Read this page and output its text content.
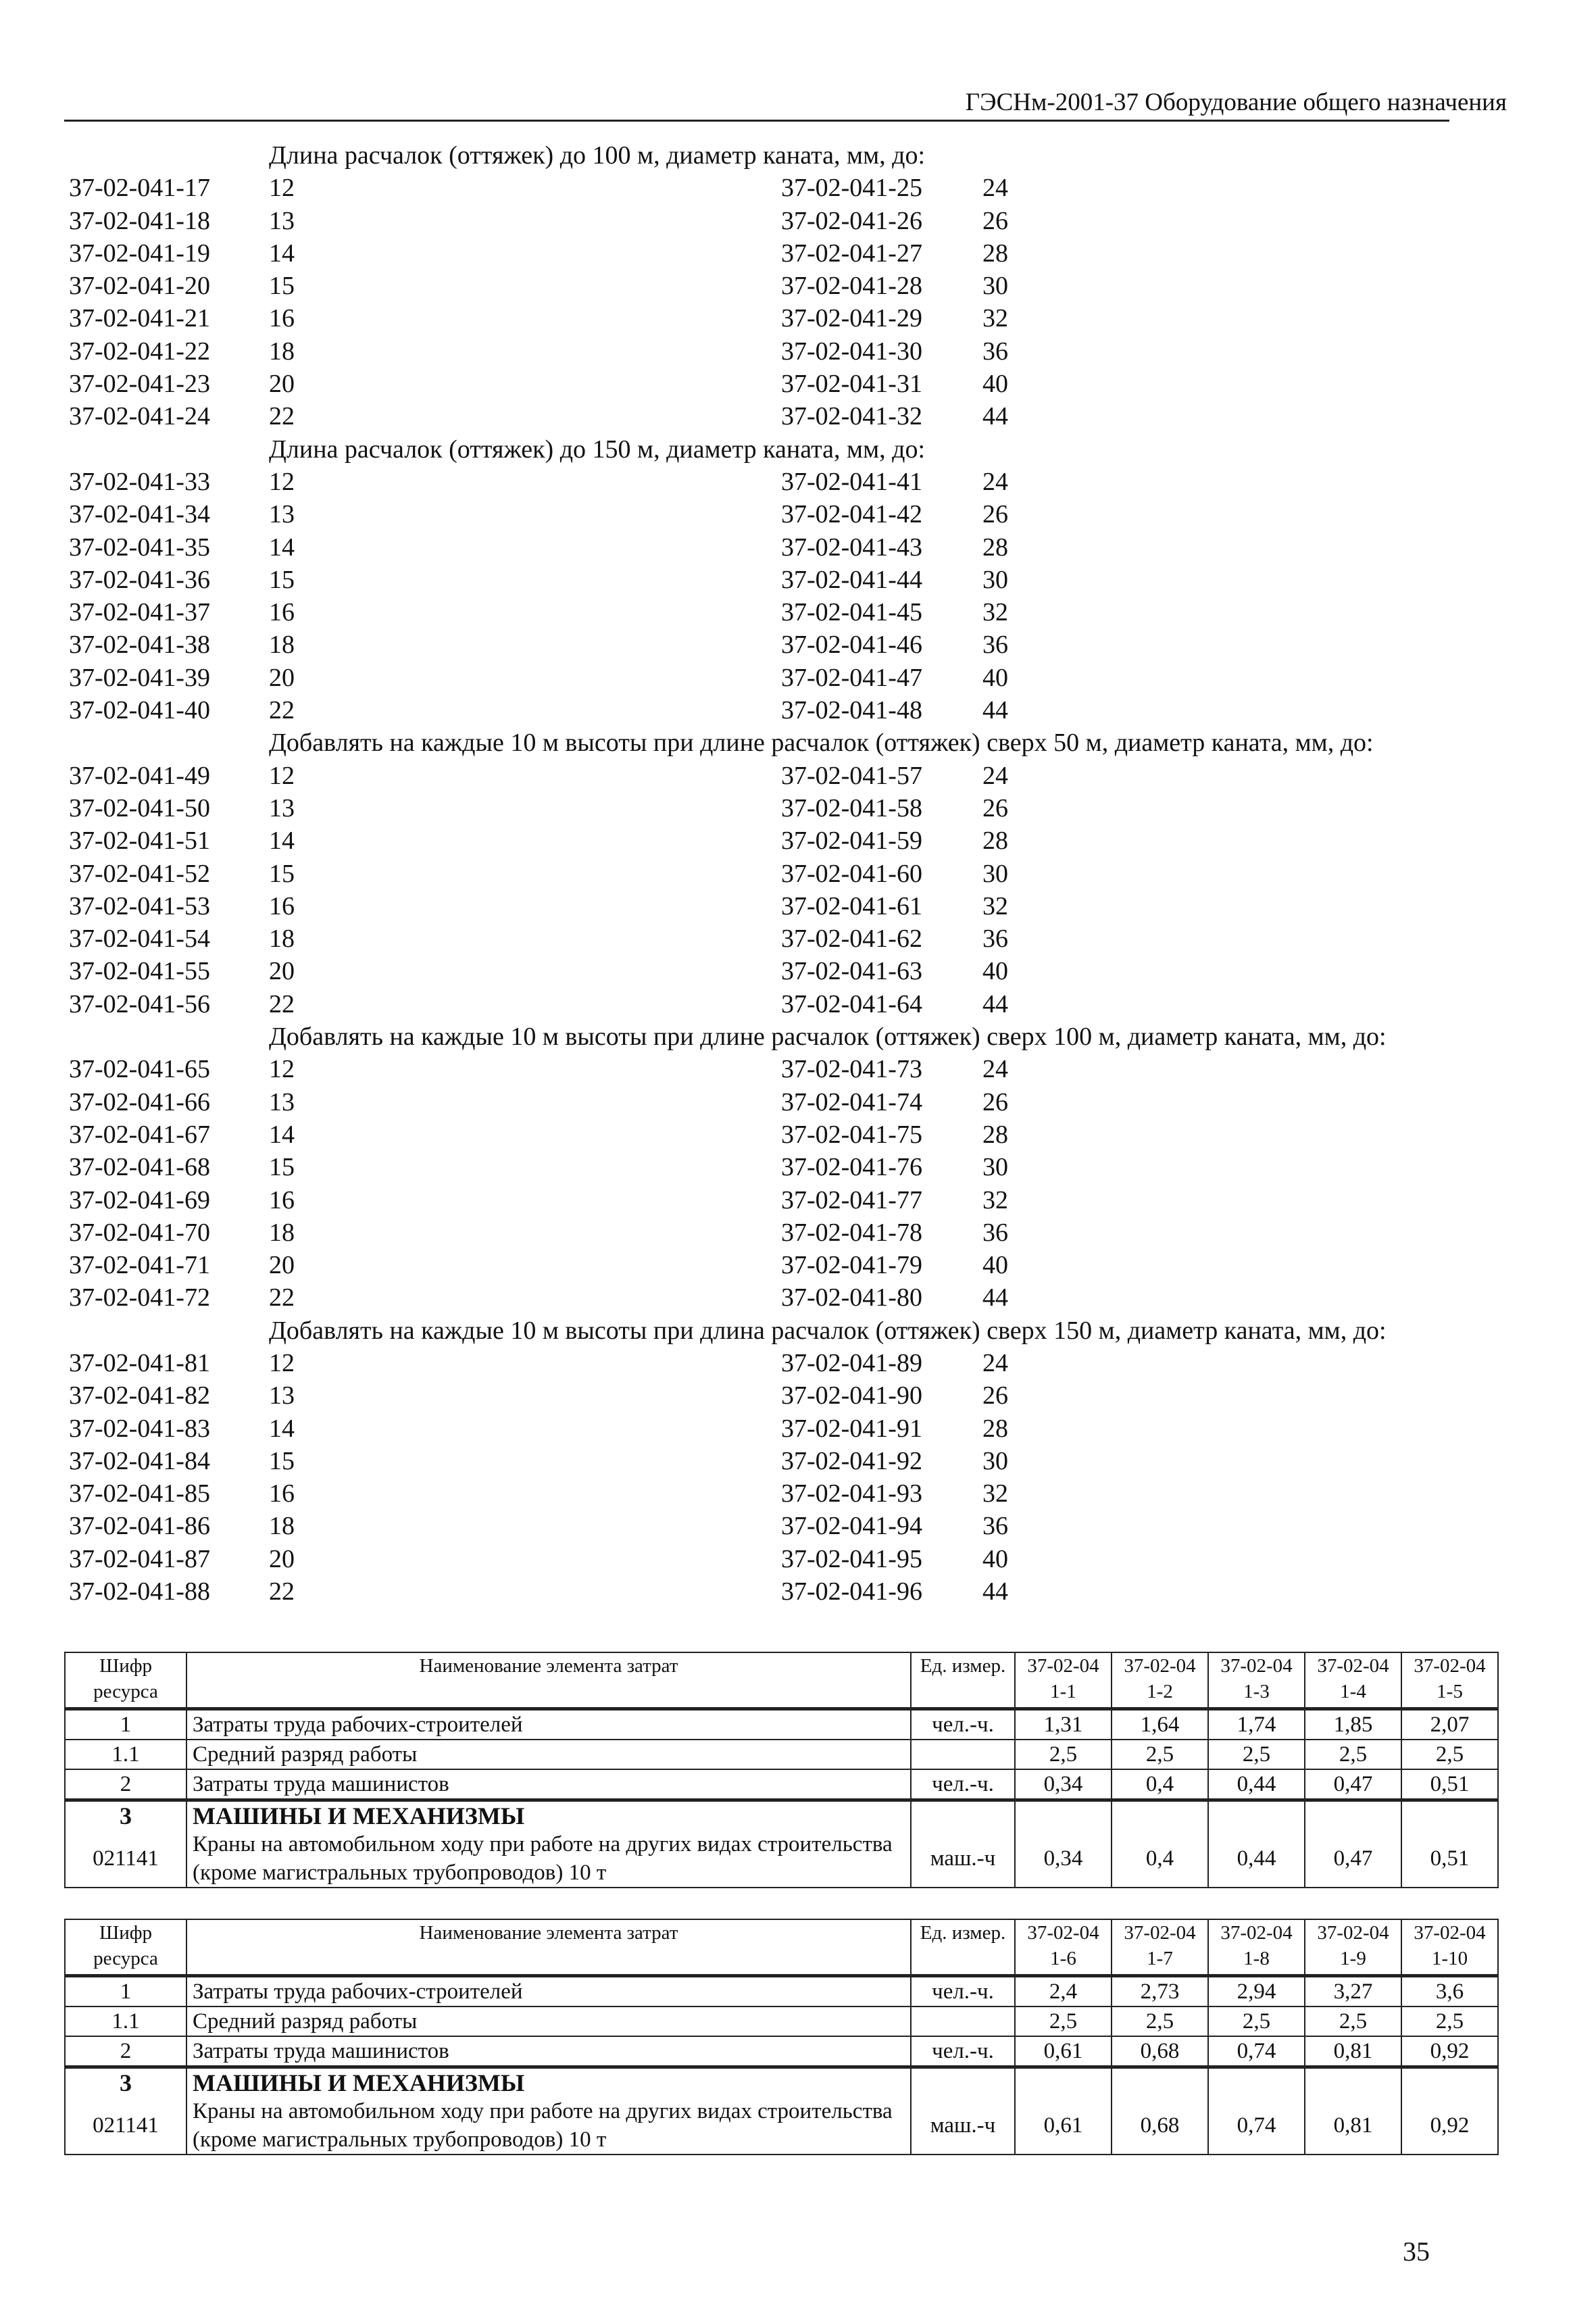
ГЭСНм-2001-37 Оборудование общего назначения
Длина расчалок (оттяжек) до 100 м, диаметр каната, мм, до:
37-02-041-17 12	37-02-041-25 24
37-02-041-18 13	37-02-041-26 26
37-02-041-19 14	37-02-041-27 28
37-02-041-20 15	37-02-041-28 30
37-02-041-21 16	37-02-041-29 32
37-02-041-22 18	37-02-041-30 36
37-02-041-23 20	37-02-041-31 40
37-02-041-24 22	37-02-041-32 44
Длина расчалок (оттяжек) до 150 м, диаметр каната, мм, до:
37-02-041-33 12	37-02-041-41 24
37-02-041-34 13	37-02-041-42 26
37-02-041-35 14	37-02-041-43 28
37-02-041-36 15	37-02-041-44 30
37-02-041-37 16	37-02-041-45 32
37-02-041-38 18	37-02-041-46 36
37-02-041-39 20	37-02-041-47 40
37-02-041-40 22	37-02-041-48 44
Добавлять на каждые 10 м высоты при длине расчалок (оттяжек) сверх 50 м, диаметр каната, мм, до:
37-02-041-49 12	37-02-041-57 24
37-02-041-50 13	37-02-041-58 26
37-02-041-51 14	37-02-041-59 28
37-02-041-52 15	37-02-041-60 30
37-02-041-53 16	37-02-041-61 32
37-02-041-54 18	37-02-041-62 36
37-02-041-55 20	37-02-041-63 40
37-02-041-56 22	37-02-041-64 44
Добавлять на каждые 10 м высоты при длине расчалок (оттяжек) сверх 100 м, диаметр каната, мм, до:
37-02-041-65 12	37-02-041-73 24
37-02-041-66 13	37-02-041-74 26
37-02-041-67 14	37-02-041-75 28
37-02-041-68 15	37-02-041-76 30
37-02-041-69 16	37-02-041-77 32
37-02-041-70 18	37-02-041-78 36
37-02-041-71 20	37-02-041-79 40
37-02-041-72 22	37-02-041-80 44
Добавлять на каждые 10 м высоты при длина расчалок (оттяжек) сверх 150 м, диаметр каната, мм, до:
37-02-041-81 12	37-02-041-89 24
37-02-041-82 13	37-02-041-90 26
37-02-041-83 14	37-02-041-91 28
37-02-041-84 15	37-02-041-92 30
37-02-041-85 16	37-02-041-93 32
37-02-041-86 18	37-02-041-94 36
37-02-041-87 20	37-02-041-95 40
37-02-041-88 22	37-02-041-96 44
Шифр ресурса	Наименование элемента затрат	Ед. измер.	37-02-041-1	37-02-041-2	37-02-041-3	37-02-041-4	37-02-041-5
1	Затраты труда рабочих-строителей	чел.-ч.	1,31	1,64	1,74	1,85	2,07
1.1	Средний разряд работы		2,5	2,5	2,5	2,5	2,5
2	Затраты труда машинистов	чел.-ч.	0,34	0,4	0,44	0,47	0,51
3	МАШИНЫ И МЕХАНИЗМЫ						
021141	Краны на автомобильном ходу при работе на других видах строительства (кроме магистральных трубопроводов) 10 т	маш.-ч	0,34	0,4	0,44	0,47	0,51
Шифр ресурса	Наименование элемента затрат	Ед. измер.	37-02-041-6	37-02-041-7	37-02-041-8	37-02-041-9	37-02-041-10
1	Затраты труда рабочих-строителей	чел.-ч.	2,4	2,73	2,94	3,27	3,6
1.1	Средний разряд работы		2,5	2,5	2,5	2,5	2,5
2	Затраты труда машинистов	чел.-ч.	0,61	0,68	0,74	0,81	0,92
3	МАШИНЫ И МЕХАНИЗМЫ						
021141	Краны на автомобильном ходу при работе на других видах строительства (кроме магистральных трубопроводов) 10 т	маш.-ч	0,61	0,68	0,74	0,81	0,92
35
